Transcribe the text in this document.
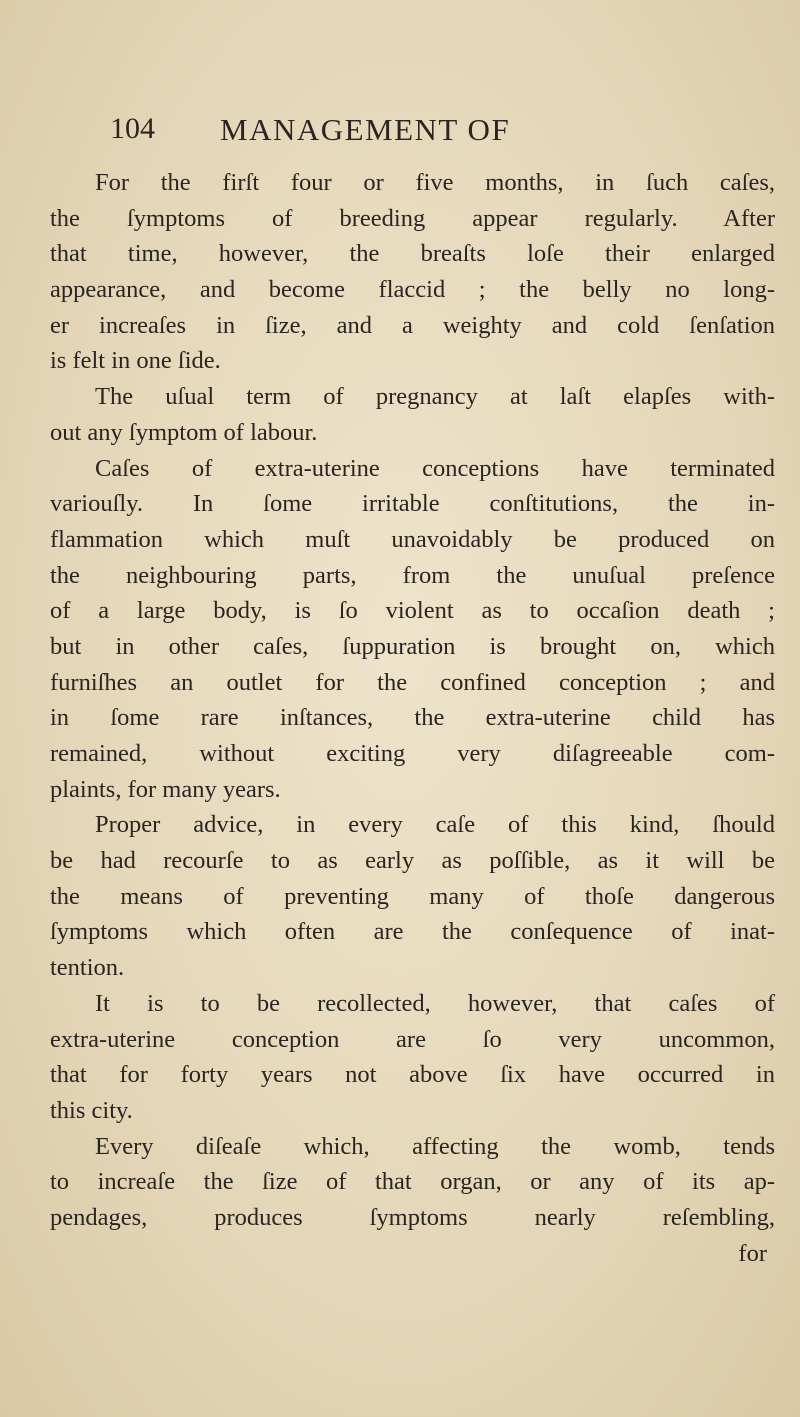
104 MANAGEMENT OF
For the firſt four or five months, in ſuch caſes,
the ſymptoms of breeding appear regularly. After
that time, however, the breaſts loſe their enlarged
appearance, and become flaccid ; the belly no long-
er increaſes in ſize, and a weighty and cold ſenſation
is felt in one ſide.
The uſual term of pregnancy at laſt elapſes with-
out any ſymptom of labour.
Caſes of extra-uterine conceptions have terminated
variouſly. In ſome irritable conſtitutions, the in-
flammation which muſt unavoidably be produced on
the neighbouring parts, from the unuſual preſence
of a large body, is ſo violent as to occaſion death ;
but in other caſes, ſuppuration is brought on, which
furniſhes an outlet for the confined conception ; and
in ſome rare inſtances, the extra-uterine child has
remained, without exciting very diſagreeable com-
plaints, for many years.
Proper advice, in every caſe of this kind, ſhould
be had recourſe to as early as poſſible, as it will be
the means of preventing many of thoſe dangerous
ſymptoms which often are the conſequence of inat-
tention.
It is to be recollected, however, that caſes of
extra-uterine conception are ſo very uncommon,
that for forty years not above ſix have occurred in
this city.
Every diſeaſe which, affecting the womb, tends
to increaſe the ſize of that organ, or any of its ap-
pendages, produces ſymptoms nearly reſembling,
for
